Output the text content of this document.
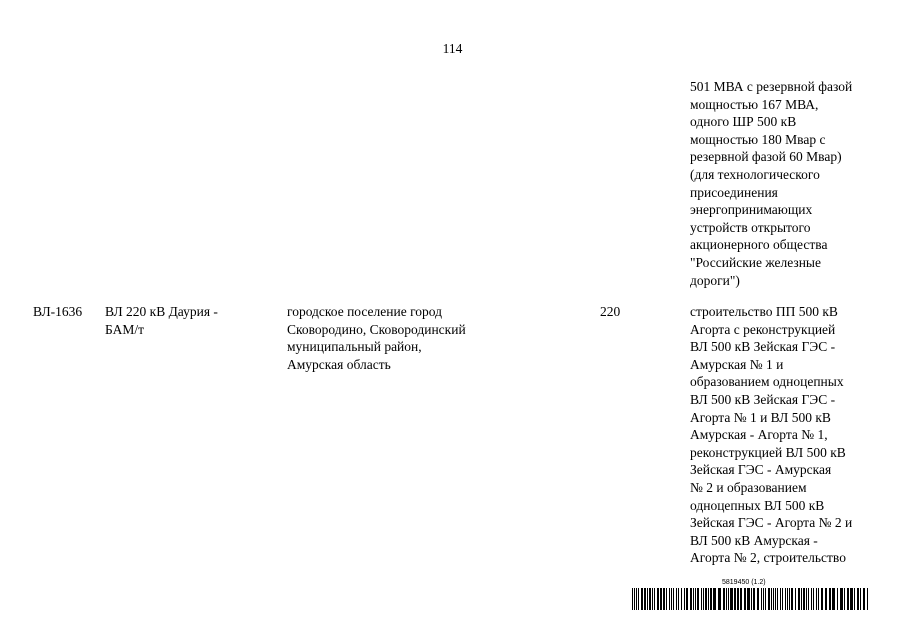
114
501 МВА с резервной фазой
мощностью 167 МВА,
одного ШР 500 кВ
мощностью 180 Мвар с
резервной фазой 60 Мвар)
(для технологического
присоединения
энергопринимающих
устройств открытого
акционерного общества
"Российские железные
дороги")
ВЛ-1636 ВЛ 220 кВ Даурия -
БАМ/т
городское поселение город
Сковородино, Сковородинский
муниципальный район,
Амурская область
220	строительство ПП 500 кВ
Агорта с реконструкцией
ВЛ 500 кВ Зейская ГЭС -
Амурская № 1 и
образованием одноцепных
ВЛ 500 кВ Зейская ГЭС -
Агорта № 1 и ВЛ 500 кВ
Амурская - Агорта № 1,
реконструкцией ВЛ 500 кВ
Зейская ГЭС - Амурская
№ 2 и образованием
одноцепных ВЛ 500 кВ
Зейская ГЭС - Агорта № 2 и
ВЛ 500 кВ Амурская -
Агорта № 2, строительство
5819450 (1.2)
